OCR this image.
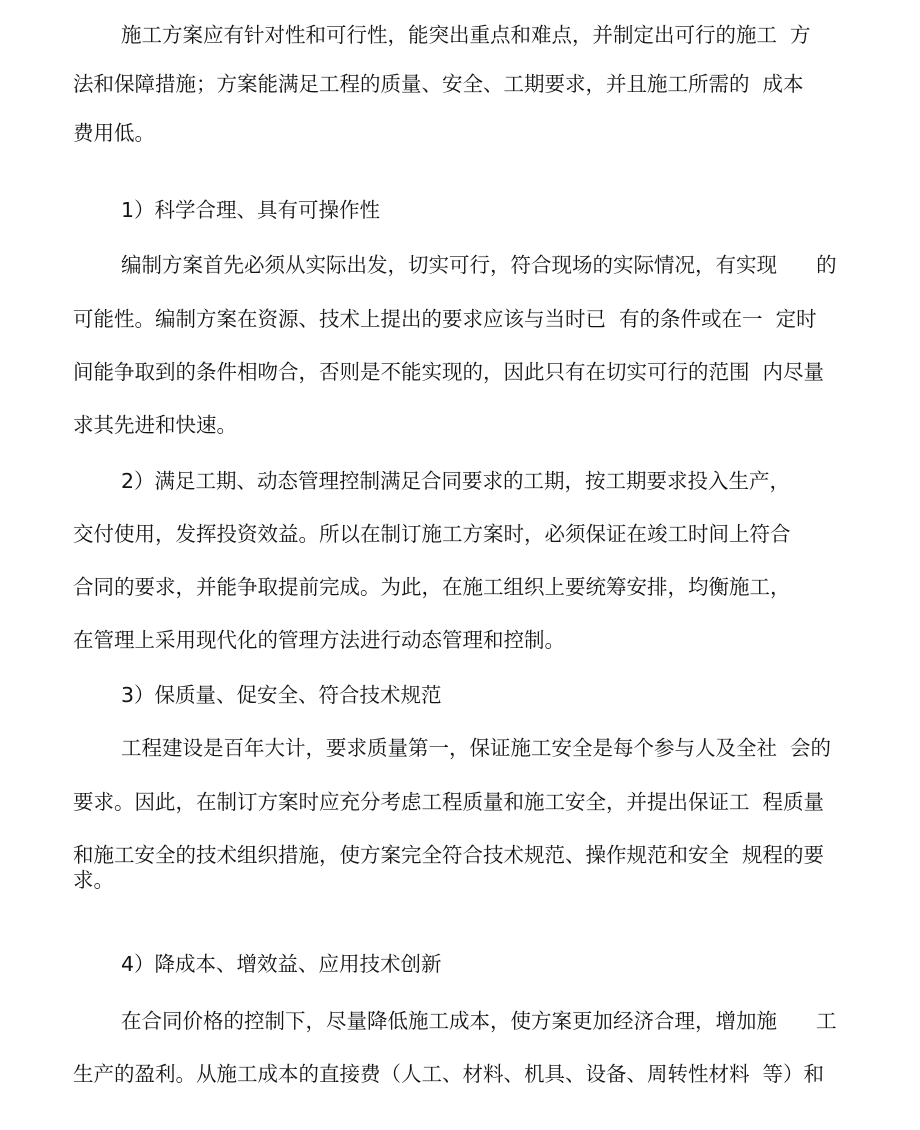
施工方案应有针对性和可行性，能突出重点和难点，并制定出可行的施工  方
法和保障措施；方案能满足工程的质量、安全、工期要求，并且施工所需的  成本
费用低。
1）科学合理、具有可操作性
编制方案首先必须从实际出发，切实可行，符合现场的实际情况，有实现      的
可能性。编制方案在资源、技术上提出的要求应该与当时已  有的条件或在一  定时
间能争取到的条件相吻合，否则是不能实现的，因此只有在切实可行的范围  内尽量
求其先进和快速。
2）满足工期、动态管理控制满足合同要求的工期，按工期要求投入生产，
交付使用，发挥投资效益。所以在制订施工方案时，必须保证在竣工时间上符合
合同的要求，并能争取提前完成。为此，在施工组织上要统筹安排，均衡施工，
在管理上采用现代化的管理方法进行动态管理和控制。
3）保质量、促安全、符合技术规范
工程建设是百年大计，要求质量第一，保证施工安全是每个参与人及全社  会的
要求。因此，在制订方案时应充分考虑工程质量和施工安全，并提出保证工  程质量
和施工安全的技术组织措施，使方案完全符合技术规范、操作规范和安全  规程的要
求。
4）降成本、增效益、应用技术创新
在合同价格的控制下，尽量降低施工成本，使方案更加经济合理，增加施      工
生产的盈利。从施工成本的直接费（人工、材料、机具、设备、周转性材料  等）和
